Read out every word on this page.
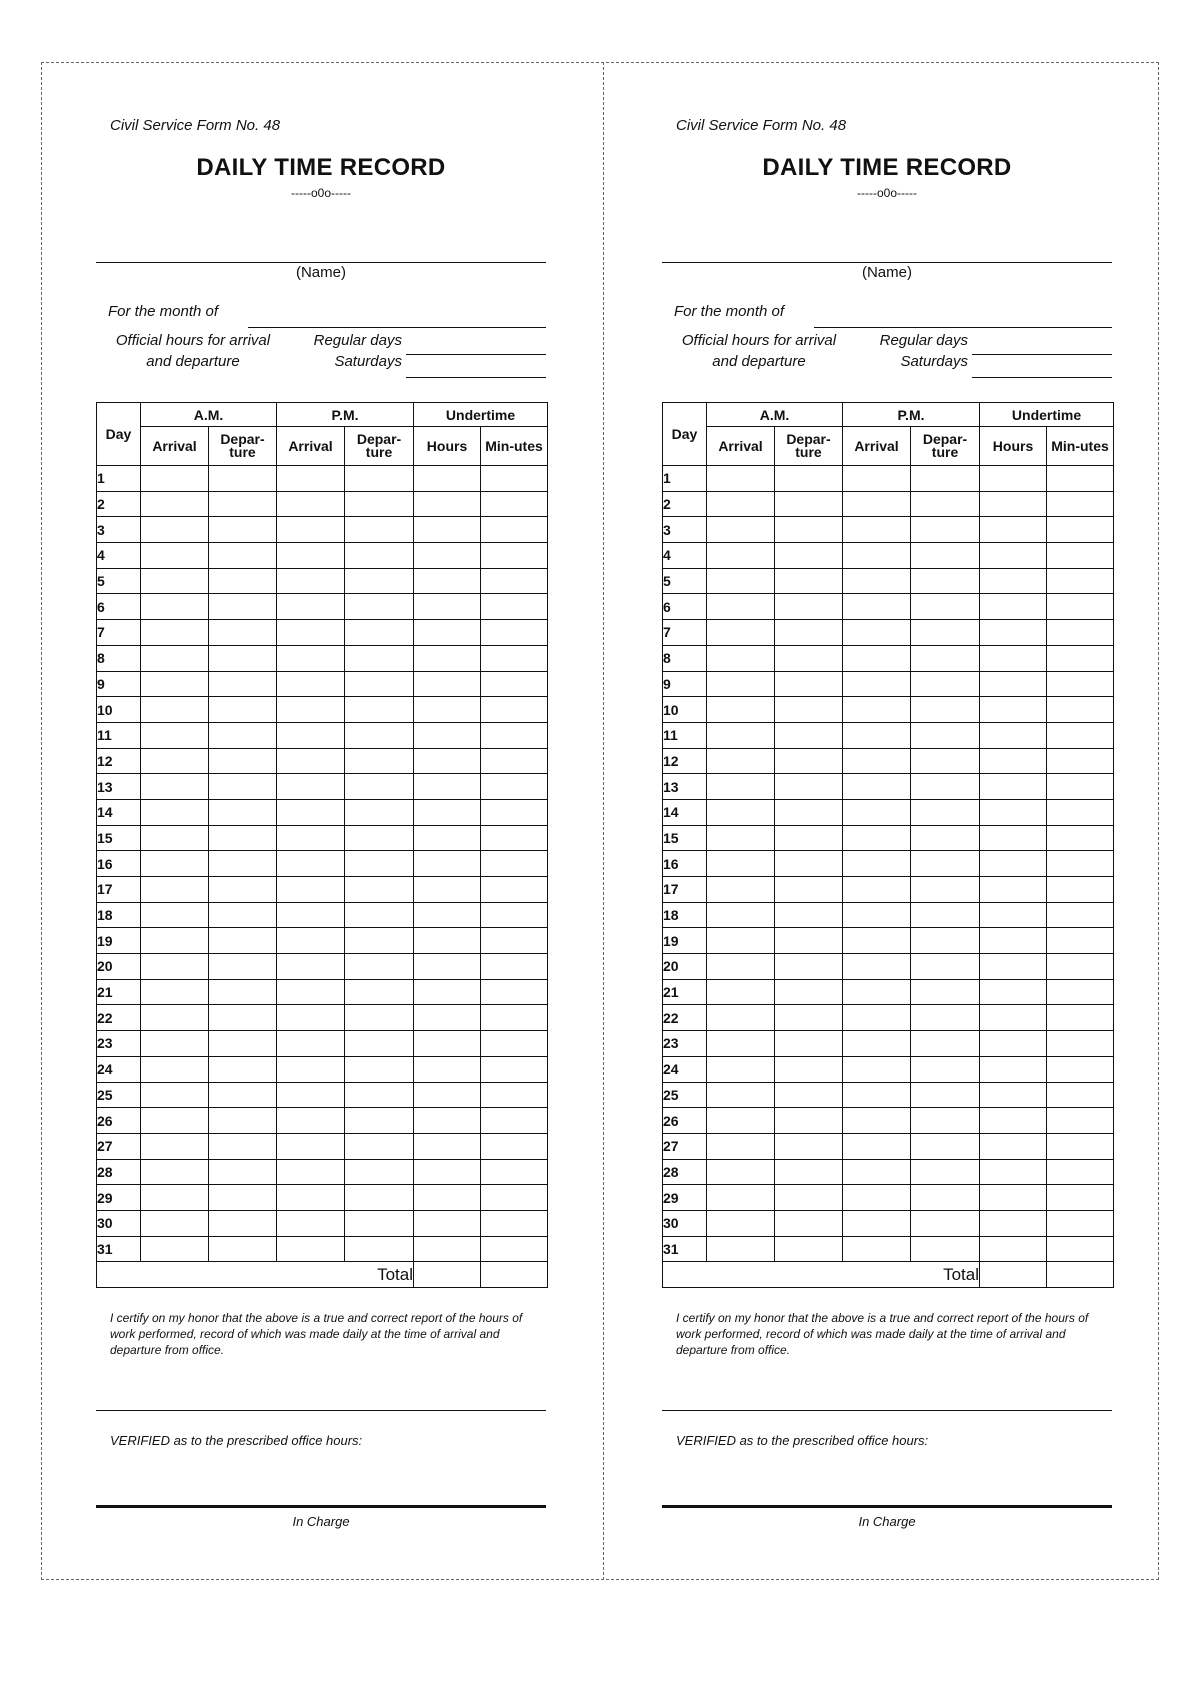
Civil Service Form No. 48
DAILY TIME RECORD
-----o0o-----
(Name)
For the month of
Official hours for arrival and departure
Regular days
Saturdays
Day	A.M.		P.M.		Undertime	
	Arrival	Depar-ture	Arrival	Depar-ture	Hours	Min-utes
1						
2						
3						
4						
5						
6						
7						
8						
9						
10						
11						
12						
13						
14						
15						
16						
17						
18						
19						
20						
21						
22						
23						
24						
25						
26						
27						
28						
29						
30						
31						
Total						
I certify on my honor that the above is a true and correct report of the hours of work performed, record of which was made daily at the time of arrival and departure from office.
VERIFIED as to the prescribed office hours:
In Charge
Civil Service Form No. 48
DAILY TIME RECORD
-----o0o-----
(Name)
For the month of
Official hours for arrival and departure
Regular days
Saturdays
Day	A.M.		P.M.		Undertime	
	Arrival	Depar-ture	Arrival	Depar-ture	Hours	Min-utes
1						
2						
3						
4						
5						
6						
7						
8						
9						
10						
11						
12						
13						
14						
15						
16						
17						
18						
19						
20						
21						
22						
23						
24						
25						
26						
27						
28						
29						
30						
31						
Total						
I certify on my honor that the above is a true and correct report of the hours of work performed, record of which was made daily at the time of arrival and departure from office.
VERIFIED as to the prescribed office hours:
In Charge
